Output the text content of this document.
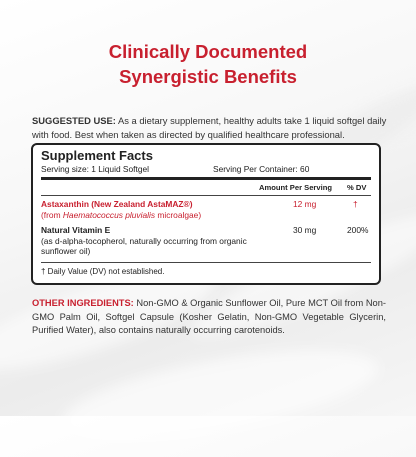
Clinically Documented
Synergistic Benefits
SUGGESTED USE: As a dietary supplement, healthy adults take 1 liquid softgel daily with food. Best when taken as directed by qualified healthcare professional.
Supplement Facts
Serving size: 1 Liquid Softgel	Serving Per Container: 60
Amount Per Serving % DV
Astaxanthin (New Zealand AstaMAZ®)
(from Haematococcus pluvialis microalgae)
12 mg	†
Natural Vitamin E
(as d-alpha-tocopherol, naturally occurring from organic sunflower oil)
30 mg	200%
† Daily Value (DV) not established.
OTHER INGREDIENTS: Non-GMO & Organic Sunflower Oil, Pure MCT Oil from Non-GMO Palm Oil, Softgel Capsule (Kosher Gelatin, Non-GMO Vegetable Glycerin, Purified Water), also contains naturally occurring carotenoids.
